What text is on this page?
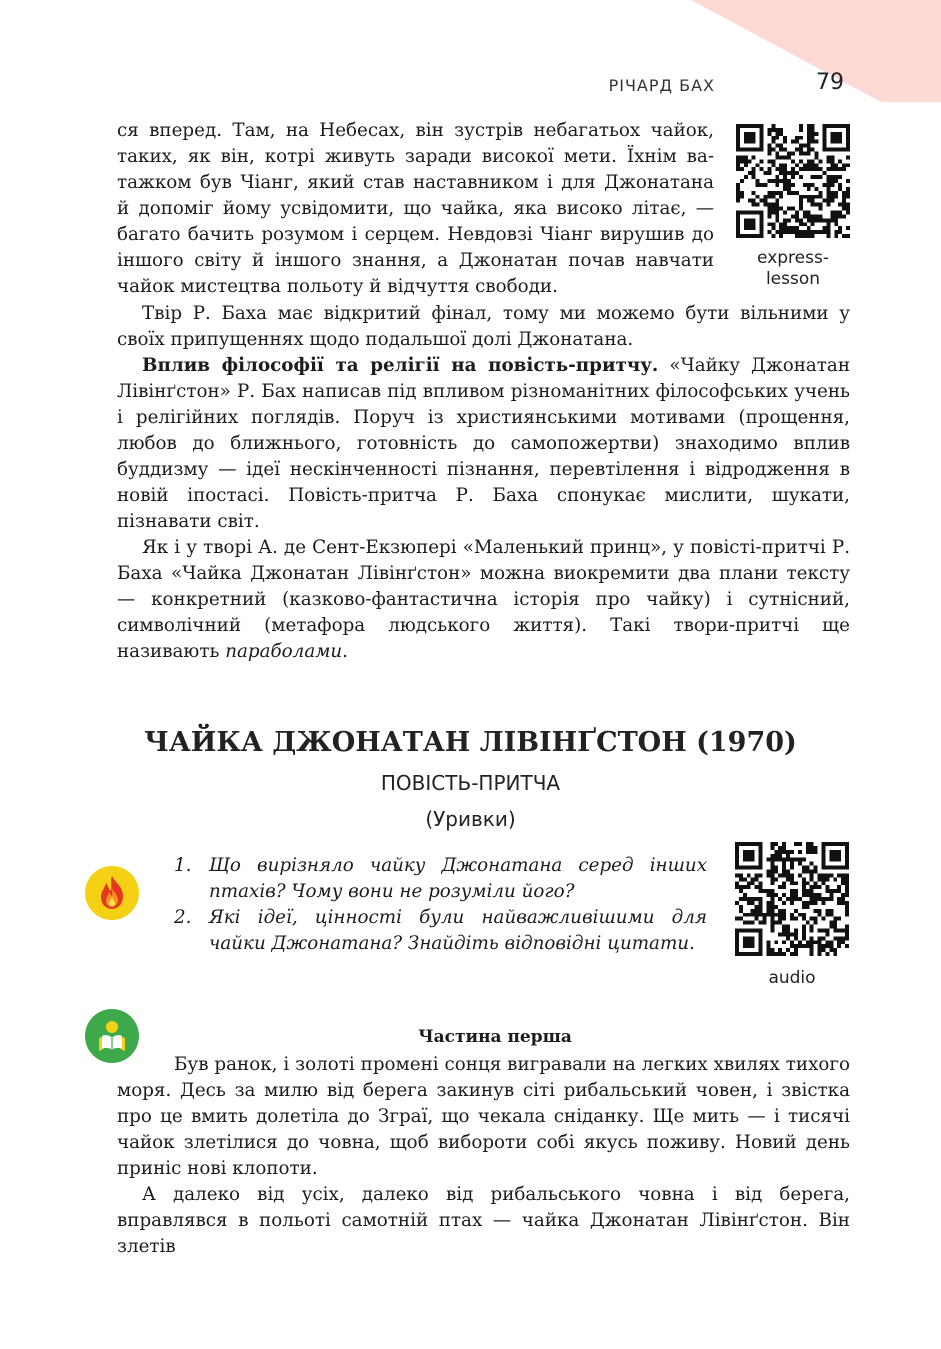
РІЧАРД БАХ	79
ся вперед. Там, на Небесах, він зустрів небагатьох чайок,
таких, як він, котрі живуть заради високої мети. Їхнім ва-
тажком був Чіанг, який став наставником і для Джонатана
й допоміг йому усвідомити, що чайка, яка високо літає, —
багато бачить розумом і серцем. Невдовзі Чіанг вирушив до
іншого світу й іншого знання, а Джонатан почав навчати
чайок мистецтва польоту й відчуття свободи.
express-lesson

Твір Р. Баха має відкритий фінал, тому ми можемо бути вільними у своїх припущеннях щодо подальшої долі Джонатана.

Вплив філософії та релігії на повість-притчу. «Чайку Джонатан Лівінґстон» Р. Бах написав під впливом різноманітних філософських учень і релігійних поглядів. Поруч із християнськими мотивами (прощення, любов до ближнього, готовність до самопожертви) знаходимо вплив буддизму — ідеї нескінченності пізнання, перевтілення і відродження в новій іпостасі. Повість-притча Р. Баха спонукає мислити, шукати, пізнавати світ.

Як і у творі А. де Сент-Екзюпері «Маленький принц», у повісті-притчі Р. Баха «Чайка Джонатан Лівінґстон» можна виокремити два плани тексту — конкретний (казково-фантастична історія про чайку) і сутнісний, символічний (метафора людського життя). Такі твори-притчі ще називають параболами.

ЧАЙКА ДЖОНАТАН ЛІВІНҐСТОН (1970)
ПОВІСТЬ-ПРИТЧА
(Уривки)
1. Що вирізняло чайку Джонатана серед інших птахів? Чому вони не розуміли його?
2. Які ідеї, цінності були найважливішими для чайки Джонатана? Знайдіть відповідні цитати.
audio
Частина перша

Був ранок, і золоті промені сонця вигравали на легких хвилях тихого моря. Десь за милю від берега закинув сіті рибальський човен, і звістка про це вмить долетіла до Зграї, що чекала сніданку. Ще мить — і тисячі чайок злетілися до човна, щоб вибороти собі якусь поживу. Новий день приніс нові клопоти.

А далеко від усіх, далеко від рибальського човна і від берега, вправлявся в польоті самотній птах — чайка Джонатан Лівінґстон. Він злетів
